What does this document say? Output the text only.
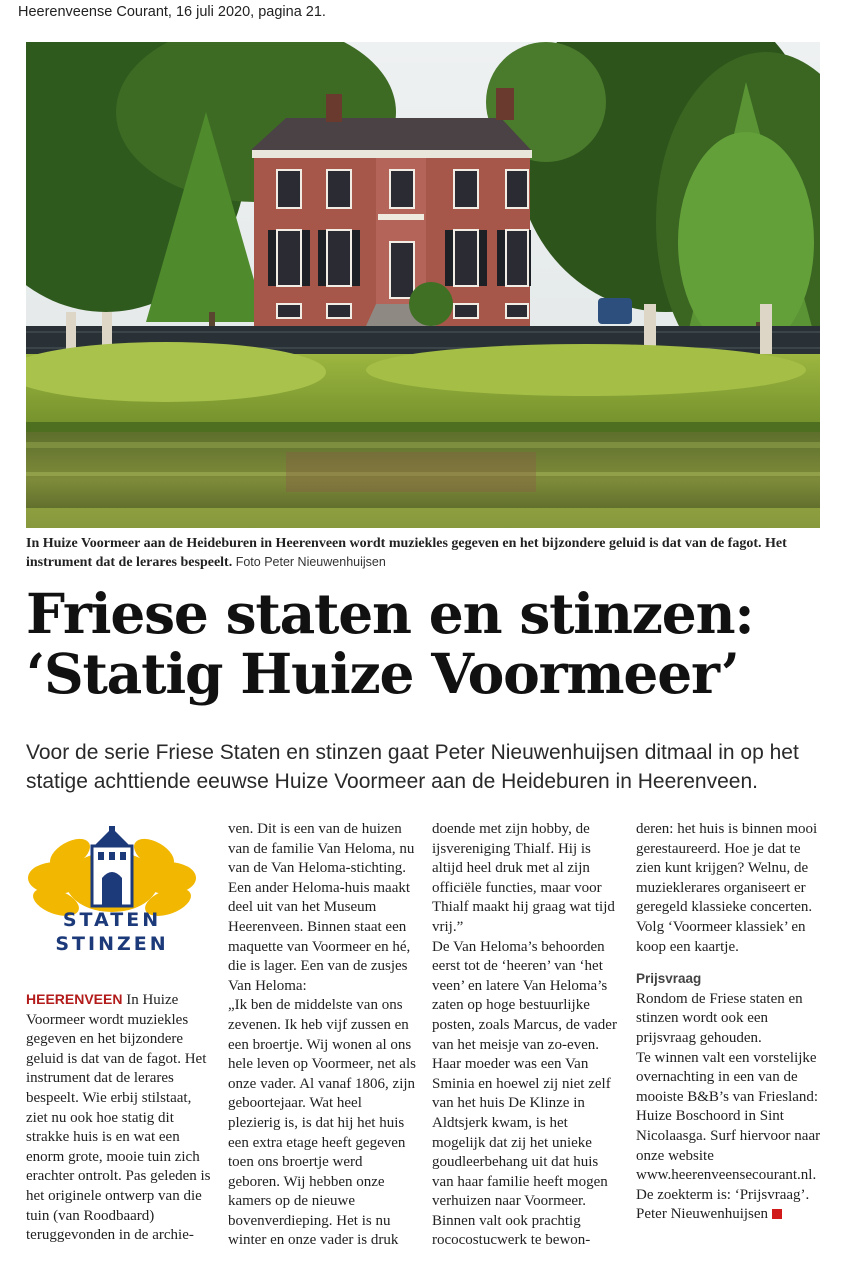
Heerenveense Courant, 16 juli 2020, pagina 21.
In Huize Voormeer aan de Heideburen in Heerenveen wordt muziekles gegeven en het bijzondere geluid is dat van de fagot. Het instrument dat de lerares bespeelt. Foto Peter Nieuwenhuijsen
Friese staten en stinzen:
‘Statig Huize Voormeer’
Voor de serie Friese Staten en stinzen gaat Peter Nieuwenhuijsen ditmaal in op het statige achttiende eeuwse Huize Voormeer aan de Heideburen in Heerenveen.
STATEN
STINZEN

HEERENVEEN In Huize Voormeer wordt muziekles gegeven en het bijzondere geluid is dat van de fagot. Het instrument dat de lerares bespeelt. Wie erbij stilstaat, ziet nu ook hoe statig dit strakke huis is en wat een enorm grote, mooie tuin zich erachter ontrolt. Pas geleden is het originele ontwerp van die tuin (van Roodbaard) teruggevonden in de archie-

ven. Dit is een van de huizen van de familie Van Heloma, nu van de Van Heloma-stichting. Een ander Heloma-huis maakt deel uit van het Museum Heerenveen. Binnen staat een maquette van Voormeer en hé, die is lager. Een van de zusjes Van Heloma:

„Ik ben de middelste van ons zevenen. Ik heb vijf zussen en een broertje. Wij wonen al ons hele leven op Voormeer, net als onze vader. Al vanaf 1806, zijn geboortejaar. Wat heel plezierig is, is dat hij het huis een extra etage heeft gegeven toen ons broertje werd geboren. Wij hebben onze kamers op de nieuwe bovenverdieping. Het is nu winter en onze vader is druk

doende met zijn hobby, de ijsvereniging Thialf. Hij is altijd heel druk met al zijn officiële functies, maar voor Thialf maakt hij graag wat tijd vrij.”

De Van Heloma’s behoorden eerst tot de ‘heeren’ van ‘het veen’ en latere Van Heloma’s zaten op hoge bestuurlijke posten, zoals Marcus, de vader van het meisje van zo-even. Haar moeder was een Van Sminia en hoewel zij niet zelf van het huis De Klinze in Aldtsjerk kwam, is het mogelijk dat zij het unieke goudleerbehang uit dat huis van haar familie heeft mogen verhuizen naar Voormeer. Binnen valt ook prachtig rococostucwerk te bewon-

deren: het huis is binnen mooi gerestaureerd. Hoe je dat te zien kunt krijgen? Welnu, de muzieklerares organiseert er geregeld klassieke concerten. Volg ‘Voormeer klassiek’ en koop een kaartje.

Prijsvraag

Rondom de Friese staten en stinzen wordt ook een prijsvraag gehouden.

Te winnen valt een vorstelijke overnachting in een van de mooiste B&B’s van Friesland: Huize Boschoord in Sint Nicolaasga. Surf hiervoor naar onze website www.heerenveensecourant.nl. De zoekterm is: ‘Prijsvraag’.

Peter Nieuwenhuijsen
